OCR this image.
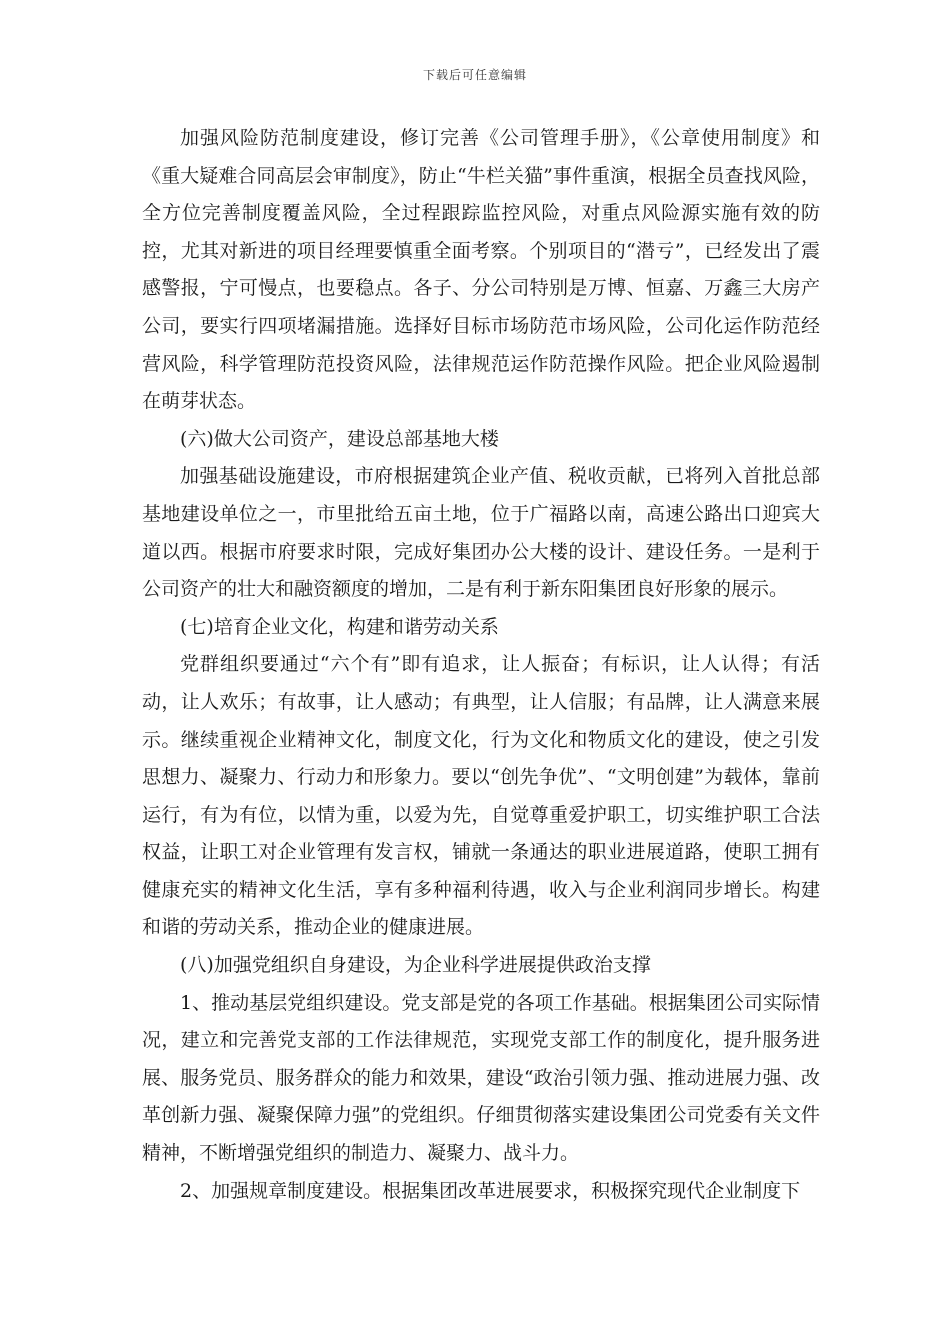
下载后可任意编辑

加强风险防范制度建设，修订完善《公司管理手册》，《公章使用制度》和《重大疑难合同高层会审制度》，防止“牛栏关猫”事件重演，根据全员查找风险，全方位完善制度覆盖风险，全过程跟踪监控风险，对重点风险源实施有效的防控，尤其对新进的项目经理要慎重全面考察。个别项目的“潜亏”，已经发出了震感警报，宁可慢点，也要稳点。各子、分公司特别是万博、恒嘉、万鑫三大房产公司，要实行四项堵漏措施。选择好目标市场防范市场风险，公司化运作防范经营风险，科学管理防范投资风险，法律规范运作防范操作风险。把企业风险遏制在萌芽状态。

(六)做大公司资产，建设总部基地大楼

加强基础设施建设，市府根据建筑企业产值、税收贡献，已将列入首批总部基地建设单位之一，市里批给五亩土地，位于广福路以南，高速公路出口迎宾大道以西。根据市府要求时限，完成好集团办公大楼的设计、建设任务。一是利于公司资产的壮大和融资额度的增加，二是有利于新东阳集团良好形象的展示。

(七)培育企业文化，构建和谐劳动关系

党群组织要通过“六个有”即有追求，让人振奋；有标识，让人认得；有活动，让人欢乐；有故事，让人感动；有典型，让人信服；有品牌，让人满意来展示。继续重视企业精神文化，制度文化，行为文化和物质文化的建设，使之引发思想力、凝聚力、行动力和形象力。要以“创先争优”、“文明创建”为载体，靠前运行，有为有位，以情为重，以爱为先，自觉尊重爱护职工，切实维护职工合法权益，让职工对企业管理有发言权，铺就一条通达的职业进展道路，使职工拥有健康充实的精神文化生活，享有多种福利待遇，收入与企业利润同步增长。构建和谐的劳动关系，推动企业的健康进展。

(八)加强党组织自身建设，为企业科学进展提供政治支撑

1、推动基层党组织建设。党支部是党的各项工作基础。根据集团公司实际情况，建立和完善党支部的工作法律规范，实现党支部工作的制度化，提升服务进展、服务党员、服务群众的能力和效果，建设“政治引领力强、推动进展力强、改革创新力强、凝聚保障力强”的党组织。仔细贯彻落实建设集团公司党委有关文件精神，不断增强党组织的制造力、凝聚力、战斗力。

2、加强规章制度建设。根据集团改革进展要求，积极探究现代企业制度下
